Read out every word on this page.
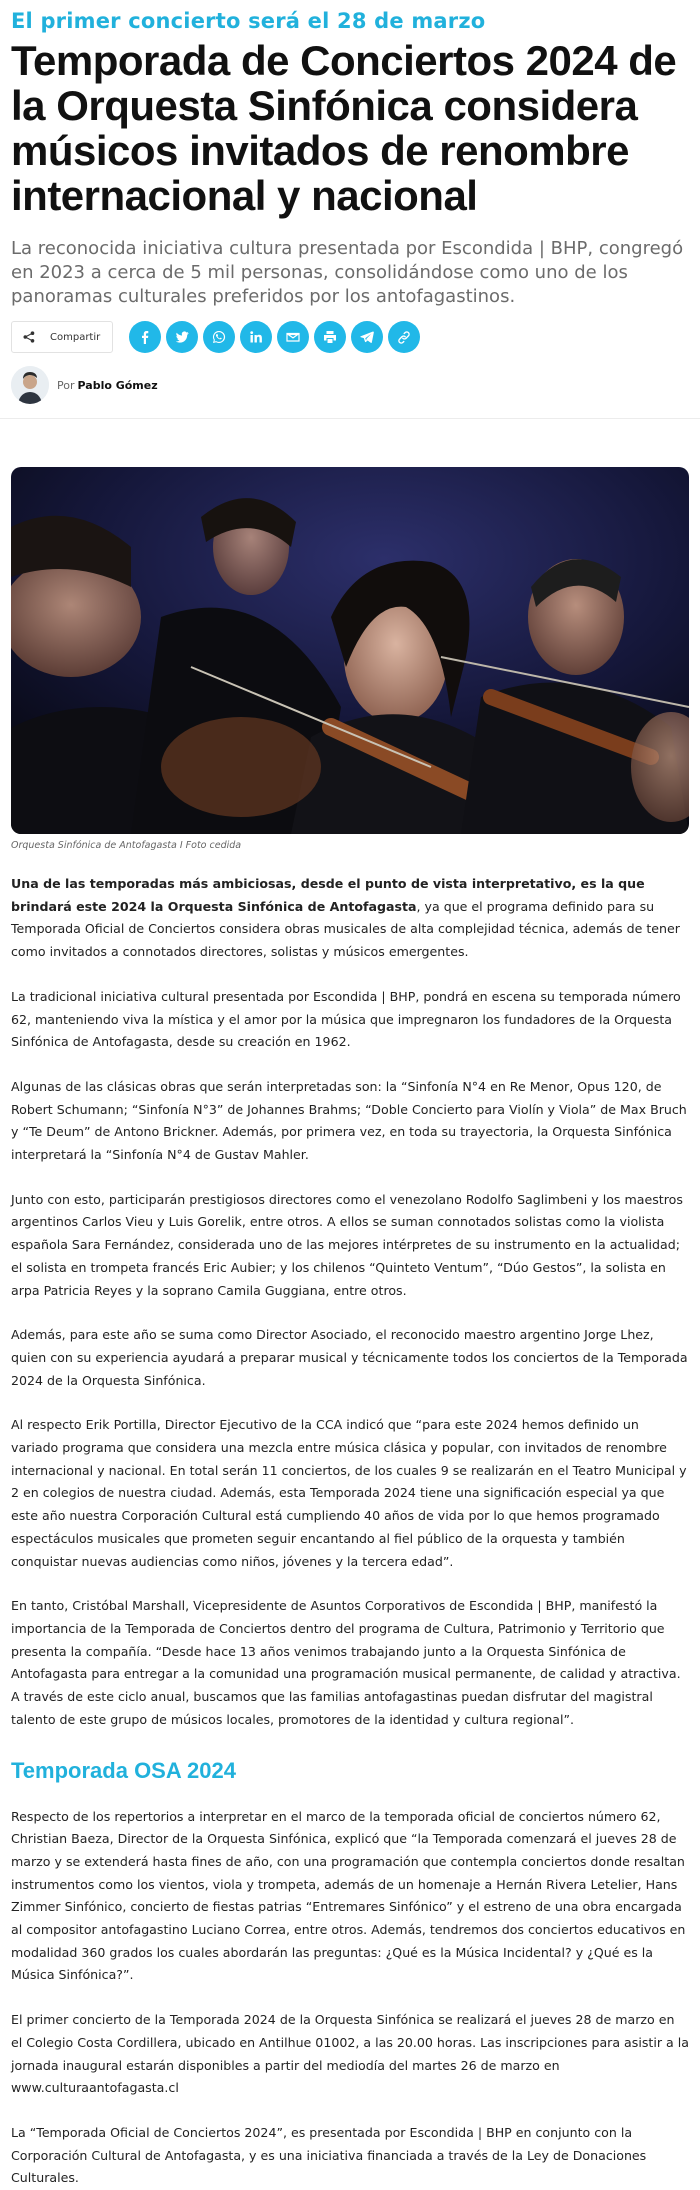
El primer concierto será el 28 de marzo
Temporada de Conciertos 2024 de la Orquesta Sinfónica considera músicos invitados de renombre internacional y nacional

La reconocida iniciativa cultura presentada por Escondida | BHP, congregó en 2023 a cerca de 5 mil personas, consolidándose como uno de los panoramas culturales preferidos por los antofagastinos.

Compartir
Por Pablo Gómez
Orquesta Sinfónica de Antofagasta I Foto cedida

Una de las temporadas más ambiciosas, desde el punto de vista interpretativo, es la que brindará este 2024 la Orquesta Sinfónica de Antofagasta, ya que el programa definido para su Temporada Oficial de Conciertos considera obras musicales de alta complejidad técnica, además de tener como invitados a connotados directores, solistas y músicos emergentes.

La tradicional iniciativa cultural presentada por Escondida | BHP, pondrá en escena su temporada número 62, manteniendo viva la mística y el amor por la música que impregnaron los fundadores de la Orquesta Sinfónica de Antofagasta, desde su creación en 1962.

Algunas de las clásicas obras que serán interpretadas son: la “Sinfonía N°4 en Re Menor, Opus 120, de Robert Schumann; “Sinfonía N°3” de Johannes Brahms; “Doble Concierto para Violín y Viola” de Max Bruch y “Te Deum” de Antono Brickner. Además, por primera vez, en toda su trayectoria, la Orquesta Sinfónica interpretará la “Sinfonía N°4 de Gustav Mahler.

Junto con esto, participarán prestigiosos directores como el venezolano Rodolfo Saglimbeni y los maestros argentinos Carlos Vieu y Luis Gorelik, entre otros. A ellos se suman connotados solistas como la violista española Sara Fernández, considerada uno de las mejores intérpretes de su instrumento en la actualidad; el solista en trompeta francés Eric Aubier; y los chilenos “Quinteto Ventum”, “Dúo Gestos”, la solista en arpa Patricia Reyes y la soprano Camila Guggiana, entre otros.

Además, para este año se suma como Director Asociado, el reconocido maestro argentino Jorge Lhez, quien con su experiencia ayudará a preparar musical y técnicamente todos los conciertos de la Temporada 2024 de la Orquesta Sinfónica.

Al respecto Erik Portilla, Director Ejecutivo de la CCA indicó que “para este 2024 hemos definido un variado programa que considera una mezcla entre música clásica y popular, con invitados de renombre internacional y nacional. En total serán 11 conciertos, de los cuales 9 se realizarán en el Teatro Municipal y 2 en colegios de nuestra ciudad. Además, esta Temporada 2024 tiene una significación especial ya que este año nuestra Corporación Cultural está cumpliendo 40 años de vida por lo que hemos programado espectáculos musicales que prometen seguir encantando al fiel público de la orquesta y también conquistar nuevas audiencias como niños, jóvenes y la tercera edad”.

En tanto, Cristóbal Marshall, Vicepresidente de Asuntos Corporativos de Escondida | BHP, manifestó la importancia de la Temporada de Conciertos dentro del programa de Cultura, Patrimonio y Territorio que presenta la compañía. “Desde hace 13 años venimos trabajando junto a la Orquesta Sinfónica de Antofagasta para entregar a la comunidad una programación musical permanente, de calidad y atractiva. A través de este ciclo anual, buscamos que las familias antofagastinas puedan disfrutar del magistral talento de este grupo de músicos locales, promotores de la identidad y cultura regional”.

Temporada OSA 2024

Respecto de los repertorios a interpretar en el marco de la temporada oficial de conciertos número 62, Christian Baeza, Director de la Orquesta Sinfónica, explicó que “la Temporada comenzará el jueves 28 de marzo y se extenderá hasta fines de año, con una programación que contempla conciertos donde resaltan instrumentos como los vientos, viola y trompeta, además de un homenaje a Hernán Rivera Letelier, Hans Zimmer Sinfónico, concierto de fiestas patrias “Entremares Sinfónico” y el estreno de una obra encargada al compositor antofagastino Luciano Correa, entre otros. Además, tendremos dos conciertos educativos en modalidad 360 grados los cuales abordarán las preguntas: ¿Qué es la Música Incidental? y ¿Qué es la Música Sinfónica?”.

El primer concierto de la Temporada 2024 de la Orquesta Sinfónica se realizará el jueves 28 de marzo en el Colegio Costa Cordillera, ubicado en Antilhue 01002, a las 20.00 horas. Las inscripciones para asistir a la jornada inaugural estarán disponibles a partir del mediodía del martes 26 de marzo en www.culturaantofagasta.cl

La “Temporada Oficial de Conciertos 2024”, es presentada por Escondida | BHP en conjunto con la Corporación Cultural de Antofagasta, y es una iniciativa financiada a través de la Ley de Donaciones Culturales.
